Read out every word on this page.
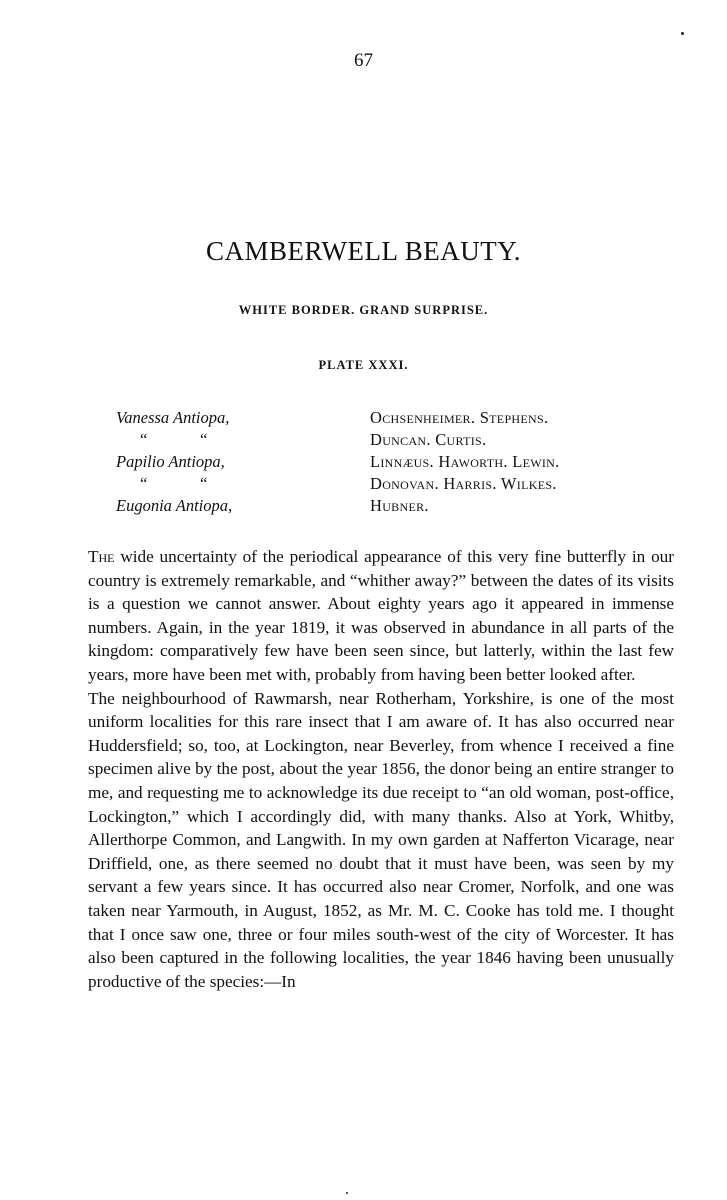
67
CAMBERWELL BEAUTY.
WHITE BORDER. GRAND SURPRISE.
PLATE XXXI.
Vanessa Antiopa,	Ochsenheimer. Stephens.
“	“	Duncan. Curtis.
Papilio Antiopa,	Linnæus. Haworth. Lewin.
“	“	Donovan. Harris. Wilkes.
Eugonia Antiopa,	Hubner.

The wide uncertainty of the periodical appearance of this very fine butterfly in our country is extremely remarkable, and “whither away?” between the dates of its visits is a question we cannot answer. About eighty years ago it appeared in immense numbers. Again, in the year 1819, it was observed in abundance in all parts of the kingdom: comparatively few have been seen since, but latterly, within the last few years, more have been met with, probably from having been better looked after.

The neighbourhood of Rawmarsh, near Rotherham, Yorkshire, is one of the most uniform localities for this rare insect that I am aware of. It has also occurred near Huddersfield; so, too, at Lockington, near Beverley, from whence I received a fine specimen alive by the post, about the year 1856, the donor being an entire stranger to me, and requesting me to acknowledge its due receipt to “an old woman, post-office, Lockington,” which I accordingly did, with many thanks. Also at York, Whitby, Allerthorpe Common, and Langwith. In my own garden at Nafferton Vicarage, near Driffield, one, as there seemed no doubt that it must have been, was seen by my servant a few years since. It has occurred also near Cromer, Norfolk, and one was taken near Yarmouth, in August, 1852, as Mr. M. C. Cooke has told me. I thought that I once saw one, three or four miles south-west of the city of Worcester. It has also been captured in the following localities, the year 1846 having been unusually productive of the species:—In
